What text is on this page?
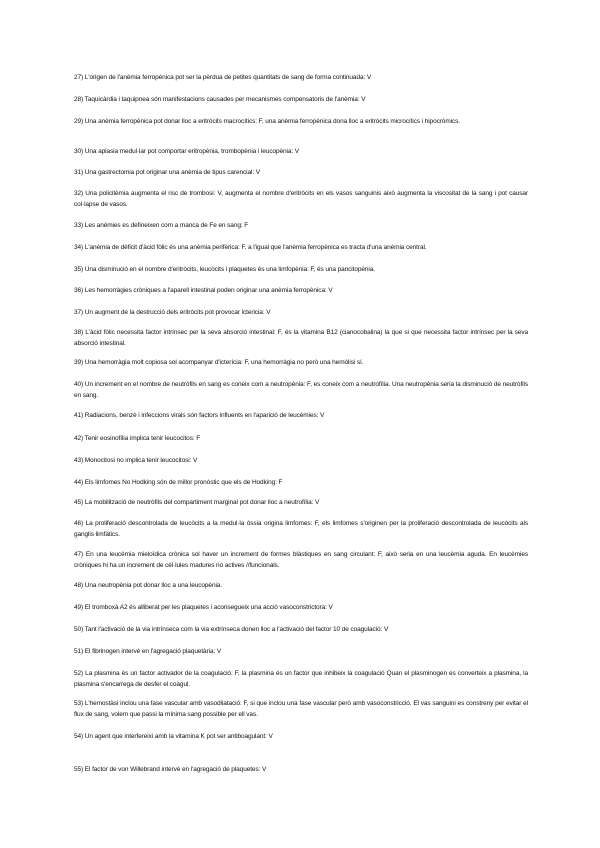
27) L'origen de l'anèmia ferropènica pot ser la pèrdua de petites quantitats de sang de forma continuada: V

28) Taquicàrdia i taquipnea són manifestacions causades per mecanismes compensatoris de l'anèmia: V

29) Una anèmia ferropènica pot donar lloc a eritròcits macrocítics: F, una anèmia ferropènica dona lloc a eritròcits microcítics i hipocròmics.

30) Una aplasia medul·lar pot comportar eritropènia, trombopènia i leucopènia: V

31) Una gastrectomia pot originar una anèmia de tipus carencial: V

32) Una policitèmia augmenta el risc de trombosi: V, augmenta el nombre d'eritròcits en els vasos sanguinis això augmenta la viscositat de la sang i pot causar col·lapse de vasos.

33) Les anèmies es defineixen com a manca de Fe en sang: F

34) L'anèmia de dèficit d'àcid fòlic és una anèmia perifèrica: F, a l'igual que l'anèmia ferropènica es tracta d'una anèmia central.

35) Una disminució en el nombre d'eritròcits, leucòcits i plaquetes és una limfopènia: F, és una pancitopènia.

36) Les hemorràgies cròniques a l'aparell intestinal poden originar una anèmia ferropènica: V

37) Un augment de la destrucció dels eritròcits pot provocar ictericia: V

38) L'àcid fòlic necessita factor intrínsec per la seva absorció intestinal: F, és la vitamina B12 (cianocobalina) la que si que necessita factor intrínsec per la seva absorció intestinal.

39) Una hemorràgia molt copiosa sol acompanyar d'icterícia: F, una hemorràgia no però una hemòlisi sí.

40) Un increment en el nombre de neutròfils en sang es coneix com a neutropènia: F, es coneix com a neutrofília. Una neutropènia seria la disminució de neutròfils en sang.

41) Radiacions, benzè i infeccions virals són factors influents en l'aparició de leucèmies: V

42) Tenir eosinofília implica tenir leucocitos: F

43) Monocitosi no implica tenir leucocitosi: V

44) Els limfomes No Hodking són de millor pronòstic que els de Hodking: F

45) La mobilització de neutròfils del compartiment marginal pot donar lloc a neutrofília: V

46) La proliferació descontrolada de leucòcits a la medul·la òssia origina limfomes: F, els limfomes s'originen per la proliferació descontrolada de leucòcits als ganglis limfàtics.

47) En una leucèmia mieloïdica crònica sol haver un increment de formes blàstiques en sang circulant: F, això seria en una leucèmia aguda. En leucèmies cròniques hi ha un increment de cèl·lules madures no actives //funcionals.

48) Una neutropènia pot donar lloc a una leucopènia.

49) El tromboxà A2 és alliberat per les plaquetes i aconsegueix una acció vasoconstrictora: V

50) Tant l'activació de la via intrínseca com la via extrínseca donen lloc a l'activació del factor 10 de coagulació: V

51) El fibrinogen intervé en l'agregació plaquetària: V

52) La plasmina és un factor activador de la coagulació: F, la plasmina és un factor que inhibeix la coagulació Quan el plasminogen es converteix a plasmina, la plasmina s'encarrega de desfer el coàgul.

53) L'hemostàsi inclou una fase vascular amb vasodilatació: F, si que inclou una fase vascular però amb vasoconstricció. El vas sanguini es constreny per evitar el flux de sang, volem que passi la mínima sang possible per ell vas.

54) Un agent que interfereixi amb la vitamina K pot ser antiboagulant: V

55) El factor de von Willebrand intervé en l'agregació de plaquetes: V
